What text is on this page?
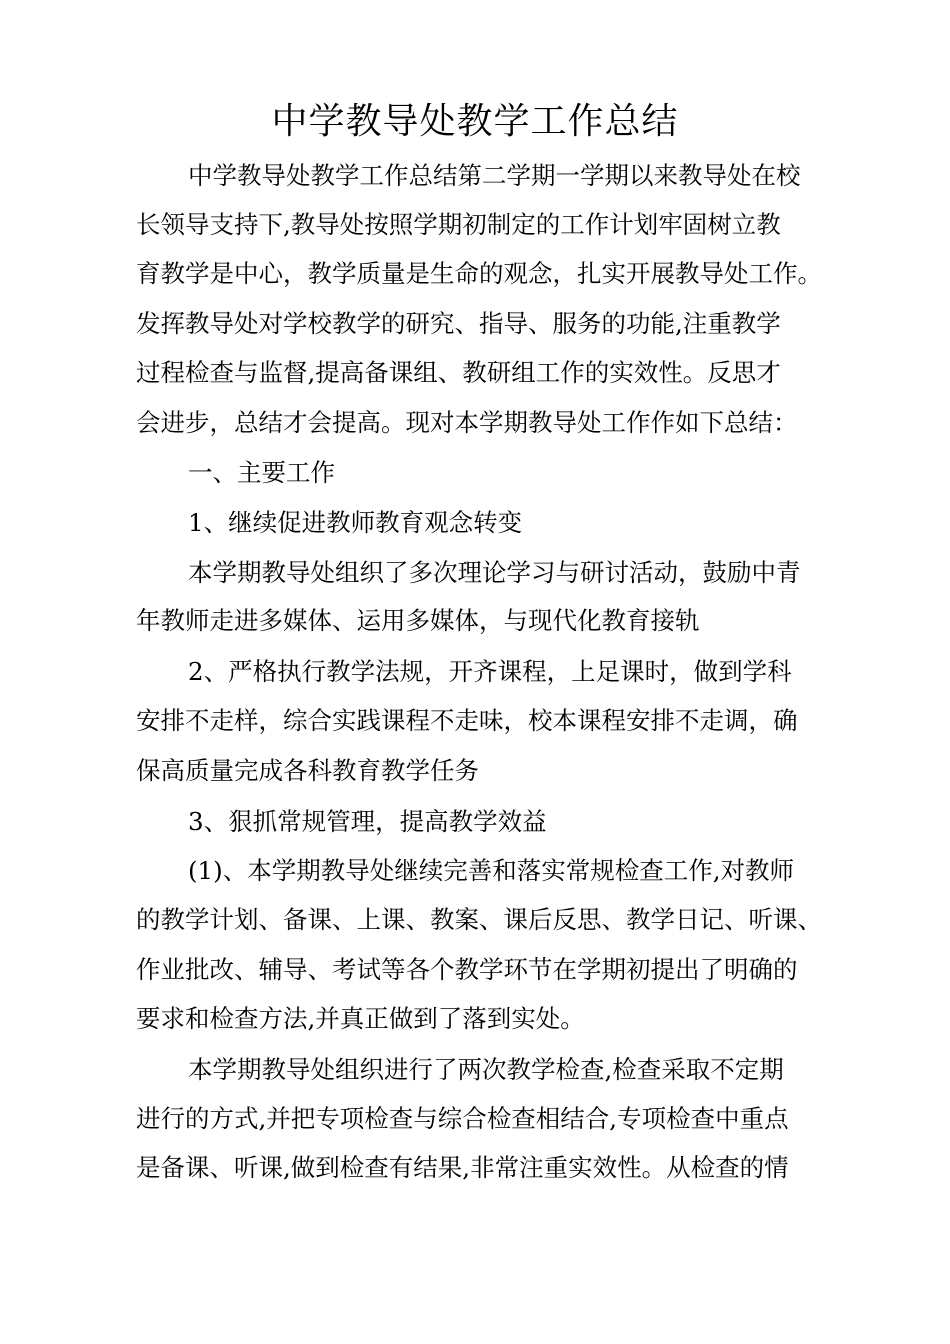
中学教导处教学工作总结
中学教导处教学工作总结第二学期一学期以来教导处在校
长领导支持下,教导处按照学期初制定的工作计划牢固树立教
育教学是中心，教学质量是生命的观念，扎实开展教导处工作。
发挥教导处对学校教学的研究、指导、服务的功能,注重教学
过程检查与监督,提高备课组、教研组工作的实效性。反思才
会进步，总结才会提高。现对本学期教导处工作作如下总结：
一、主要工作
1、继续促进教师教育观念转变
本学期教导处组织了多次理论学习与研讨活动，鼓励中青
年教师走进多媒体、运用多媒体，与现代化教育接轨
2、严格执行教学法规，开齐课程，上足课时，做到学科
安排不走样，综合实践课程不走味，校本课程安排不走调，确
保高质量完成各科教育教学任务
3、狠抓常规管理，提高教学效益
(1)、本学期教导处继续完善和落实常规检查工作,对教师
的教学计划、备课、上课、教案、课后反思、教学日记、听课、
作业批改、辅导、考试等各个教学环节在学期初提出了明确的
要求和检查方法,并真正做到了落到实处。
本学期教导处组织进行了两次教学检查,检查采取不定期
进行的方式,并把专项检查与综合检查相结合,专项检查中重点
是备课、听课,做到检查有结果,非常注重实效性。从检查的情
